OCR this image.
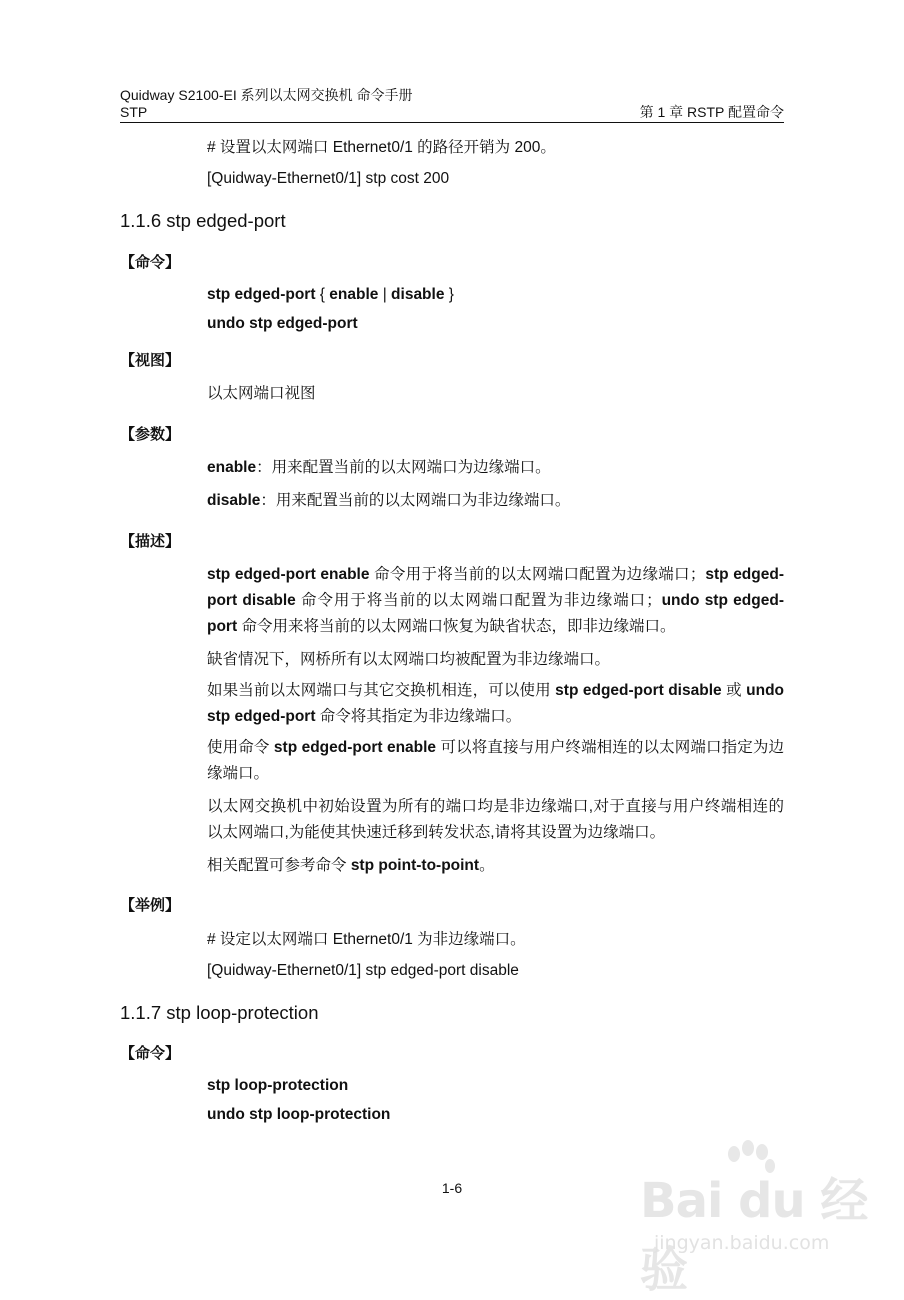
Quidway S2100-EI 系列以太网交换机 命令手册
STP	第 1 章 RSTP 配置命令
# 设置以太网端口 Ethernet0/1 的路径开销为 200。
[Quidway-Ethernet0/1] stp cost 200
1.1.6 stp edged-port
【命令】
stp edged-port { enable | disable }
undo stp edged-port
【视图】
以太网端口视图
【参数】
enable：用来配置当前的以太网端口为边缘端口。
disable：用来配置当前的以太网端口为非边缘端口。
【描述】
stp edged-port enable 命令用于将当前的以太网端口配置为边缘端口；stp edged-port disable 命令用于将当前的以太网端口配置为非边缘端口；undo stp edged-port 命令用来将当前的以太网端口恢复为缺省状态，即非边缘端口。
缺省情况下，网桥所有以太网端口均被配置为非边缘端口。
如果当前以太网端口与其它交换机相连，可以使用 stp edged-port disable 或 undo stp edged-port 命令将其指定为非边缘端口。
使用命令 stp edged-port enable 可以将直接与用户终端相连的以太网端口指定为边缘端口。
以太网交换机中初始设置为所有的端口均是非边缘端口,对于直接与用户终端相连的以太网端口,为能使其快速迁移到转发状态,请将其设置为边缘端口。
相关配置可参考命令 stp point-to-point。
【举例】
# 设定以太网端口 Ethernet0/1 为非边缘端口。
[Quidway-Ethernet0/1] stp edged-port disable
1.1.7 stp loop-protection
【命令】
stp loop-protection
undo stp loop-protection
1-6	Bai du 经验
jingyan.baidu.com
